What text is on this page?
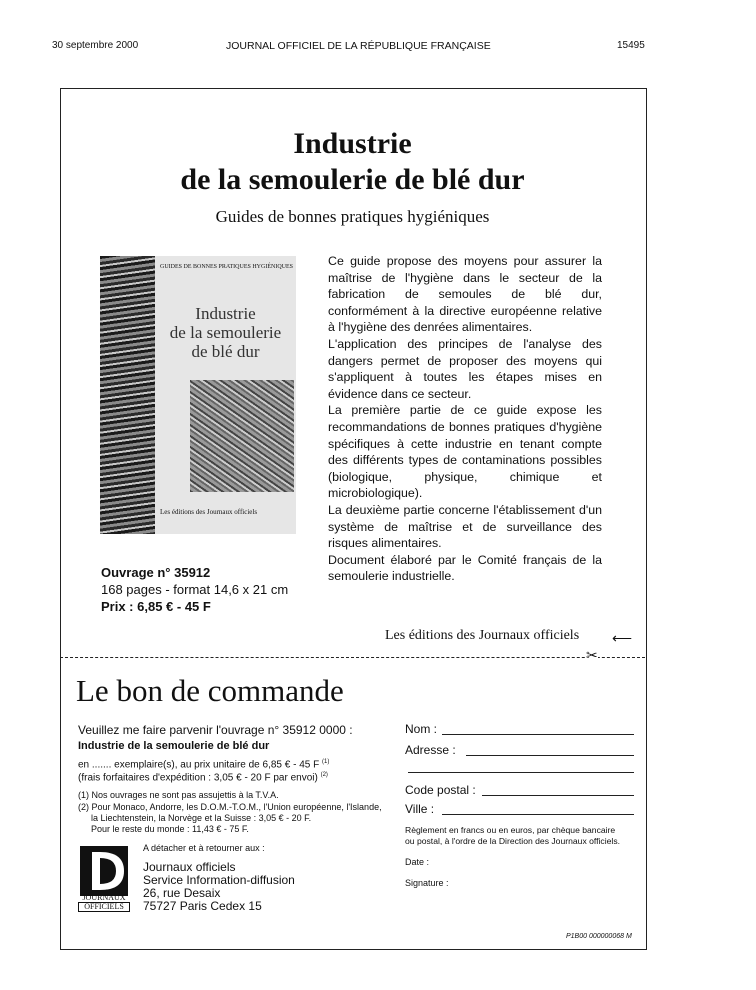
30 septembre 2000	JOURNAL OFFICIEL DE LA RÉPUBLIQUE FRANÇAISE	15495
Industrie
de la semoulerie de blé dur
Guides de bonnes pratiques hygiéniques
GUIDES DE BONNES PRATIQUES HYGIÉNIQUES
Industrie
de la semoulerie
de blé dur
Les éditions des Journaux officiels

Ce guide propose des moyens pour assurer la maîtrise de l'hygiène dans le secteur de la fabrication de semoules de blé dur, conformément à la directive européenne relative à l'hygiène des denrées alimentaires.

L'application des principes de l'analyse des dangers permet de proposer des moyens qui s'appliquent à toutes les étapes mises en évidence dans ce secteur.

La première partie de ce guide expose les recommandations de bonnes pratiques d'hygiène spécifiques à cette industrie en tenant compte des différents types de contaminations possibles (biologique, physique, chimique et microbiologique).

La deuxième partie concerne l'établissement d'un système de maîtrise et de surveillance des risques alimentaires.

Document élaboré par le Comité français de la semoulerie industrielle.

Ouvrage n° 35912
168 pages - format 14,6 x 21 cm
Prix : 6,85 € - 45 F
Les éditions des Journaux officiels ⟵
✂
Le bon de commande
Veuillez me faire parvenir l'ouvrage n° 35912 0000 :
Industrie de la semoulerie de blé dur
en ....... exemplaire(s), au prix unitaire de 6,85 € - 45 F $^{(1)}$
(frais forfaitaires d'expédition : 3,05 € - 20 F par envoi) $^{(2)}$
(1) Nos ouvrages ne sont pas assujettis à la T.V.A.
(2) Pour Monaco, Andorre, les D.O.M.-T.O.M., l'Union européenne, l'Islande,
la Liechtenstein, la Norvège et la Suisse : 3,05 € - 20 F.
Pour le reste du monde : 11,43 € - 75 F.
A détacher et à retourner aux :
JOURNAUX
OFFICIELS
Journaux officiels
Service Information-diffusion
26, rue Desaix
75727 Paris Cedex 15
Nom :
Adresse :
Code postal :
Ville :
Règlement en francs ou en euros, par chèque bancaire
ou postal, à l'ordre de la Direction des Journaux officiels.
Date :
Signature :
P1B00 000000068 M
